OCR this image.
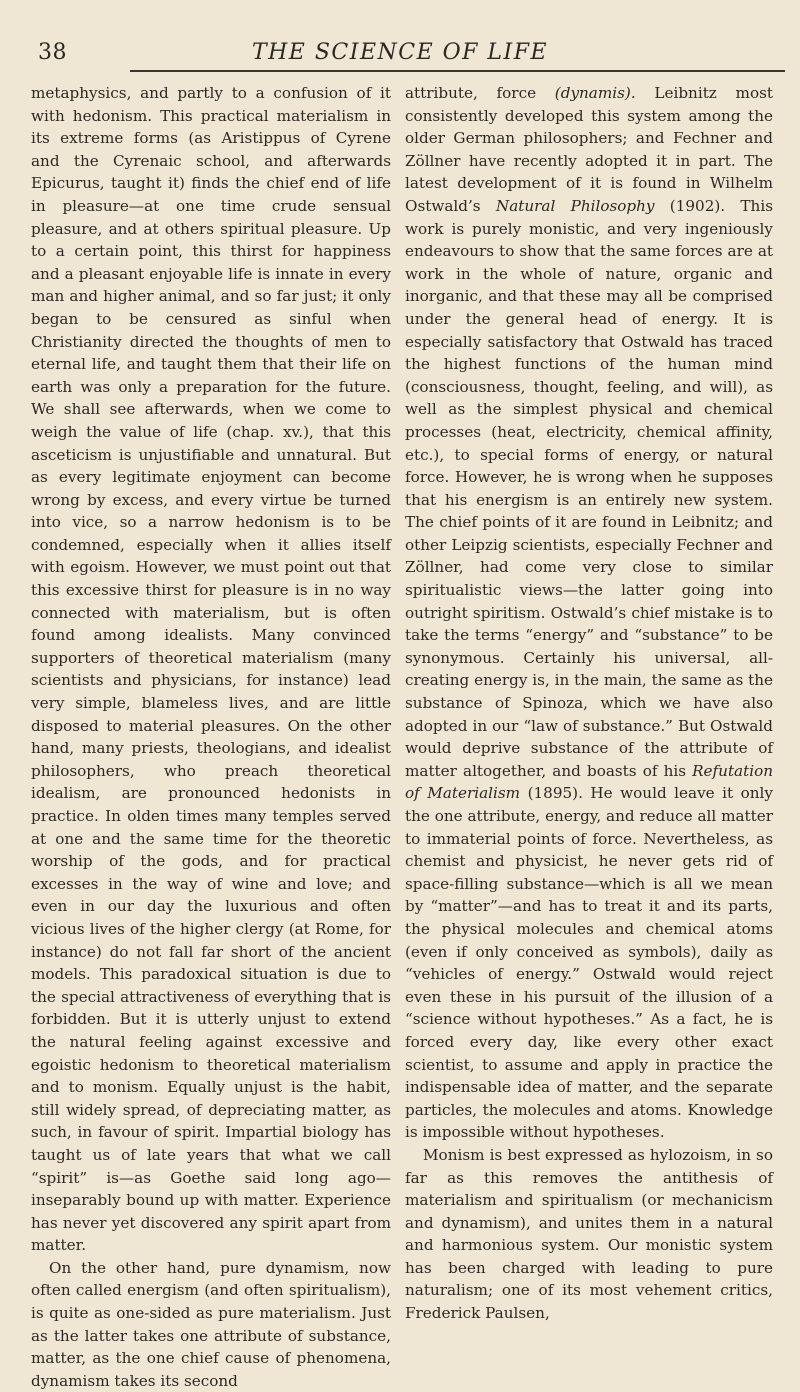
38	THE SCIENCE OF LIFE

metaphysics, and partly to a confusion of it with hedonism. This practical materialism in its extreme forms (as Aristippus of Cyrene and the Cyrenaic school, and afterwards Epicurus, taught it) finds the chief end of life in pleasure—at one time crude sensual pleasure, and at others spiritual pleasure. Up to a certain point, this thirst for happiness and a pleasant enjoyable life is innate in every man and higher animal, and so far just; it only began to be censured as sinful when Christianity directed the thoughts of men to eternal life, and taught them that their life on earth was only a preparation for the future. We shall see afterwards, when we come to weigh the value of life (chap. xv.), that this asceticism is unjustifiable and unnatural. But as every legitimate enjoyment can become wrong by excess, and every virtue be turned into vice, so a narrow hedonism is to be condemned, especially when it allies itself with egoism. However, we must point out that this excessive thirst for pleasure is in no way connected with materialism, but is often found among idealists. Many convinced supporters of theoretical materialism (many scientists and physicians, for instance) lead very simple, blameless lives, and are little disposed to material pleasures. On the other hand, many priests, theologians, and idealist philosophers, who preach theoretical idealism, are pronounced hedonists in practice. In olden times many temples served at one and the same time for the theoretic worship of the gods, and for practical excesses in the way of wine and love; and even in our day the luxurious and often vicious lives of the higher clergy (at Rome, for instance) do not fall far short of the ancient models. This paradoxical situation is due to the special attractiveness of everything that is forbidden. But it is utterly unjust to extend the natural feeling against excessive and egoistic hedonism to theoretical materialism and to monism. Equally unjust is the habit, still widely spread, of depreciating matter, as such, in favour of spirit. Impartial biology has taught us of late years that what we call “spirit” is—as Goethe said long ago—inseparably bound up with matter. Experience has never yet discovered any spirit apart from matter.

On the other hand, pure dynamism, now often called energism (and often spiritualism), is quite as one-sided as pure materialism. Just as the latter takes one attribute of substance, matter, as the one chief cause of phenomena, dynamism takes its second

attribute, force (dynamis). Leibnitz most consistently developed this system among the older German philosophers; and Fechner and Zöllner have recently adopted it in part. The latest development of it is found in Wilhelm Ostwald’s Natural Philosophy (1902). This work is purely monistic, and very ingeniously endeavours to show that the same forces are at work in the whole of nature, organic and inorganic, and that these may all be comprised under the general head of energy. It is especially satisfactory that Ostwald has traced the highest functions of the human mind (consciousness, thought, feeling, and will), as well as the simplest physical and chemical processes (heat, electricity, chemical affinity, etc.), to special forms of energy, or natural force. However, he is wrong when he supposes that his energism is an entirely new system. The chief points of it are found in Leibnitz; and other Leipzig scientists, especially Fechner and Zöllner, had come very close to similar spiritualistic views—the latter going into outright spiritism. Ostwald’s chief mistake is to take the terms “energy” and “substance” to be synonymous. Certainly his universal, all-creating energy is, in the main, the same as the substance of Spinoza, which we have also adopted in our “law of substance.” But Ostwald would deprive substance of the attribute of matter altogether, and boasts of his Refutation of Materialism (1895). He would leave it only the one attribute, energy, and reduce all matter to immaterial points of force. Nevertheless, as chemist and physicist, he never gets rid of space-filling substance—which is all we mean by “matter”—and has to treat it and its parts, the physical molecules and chemical atoms (even if only conceived as symbols), daily as “vehicles of energy.” Ostwald would reject even these in his pursuit of the illusion of a “science without hypotheses.” As a fact, he is forced every day, like every other exact scientist, to assume and apply in practice the indispensable idea of matter, and the separate particles, the molecules and atoms. Knowledge is impossible without hypotheses.

Monism is best expressed as hylozoism, in so far as this removes the antithesis of materialism and spiritualism (or mechanicism and dynamism), and unites them in a natural and harmonious system. Our monistic system has been charged with leading to pure naturalism; one of its most vehement critics, Frederick Paulsen,
